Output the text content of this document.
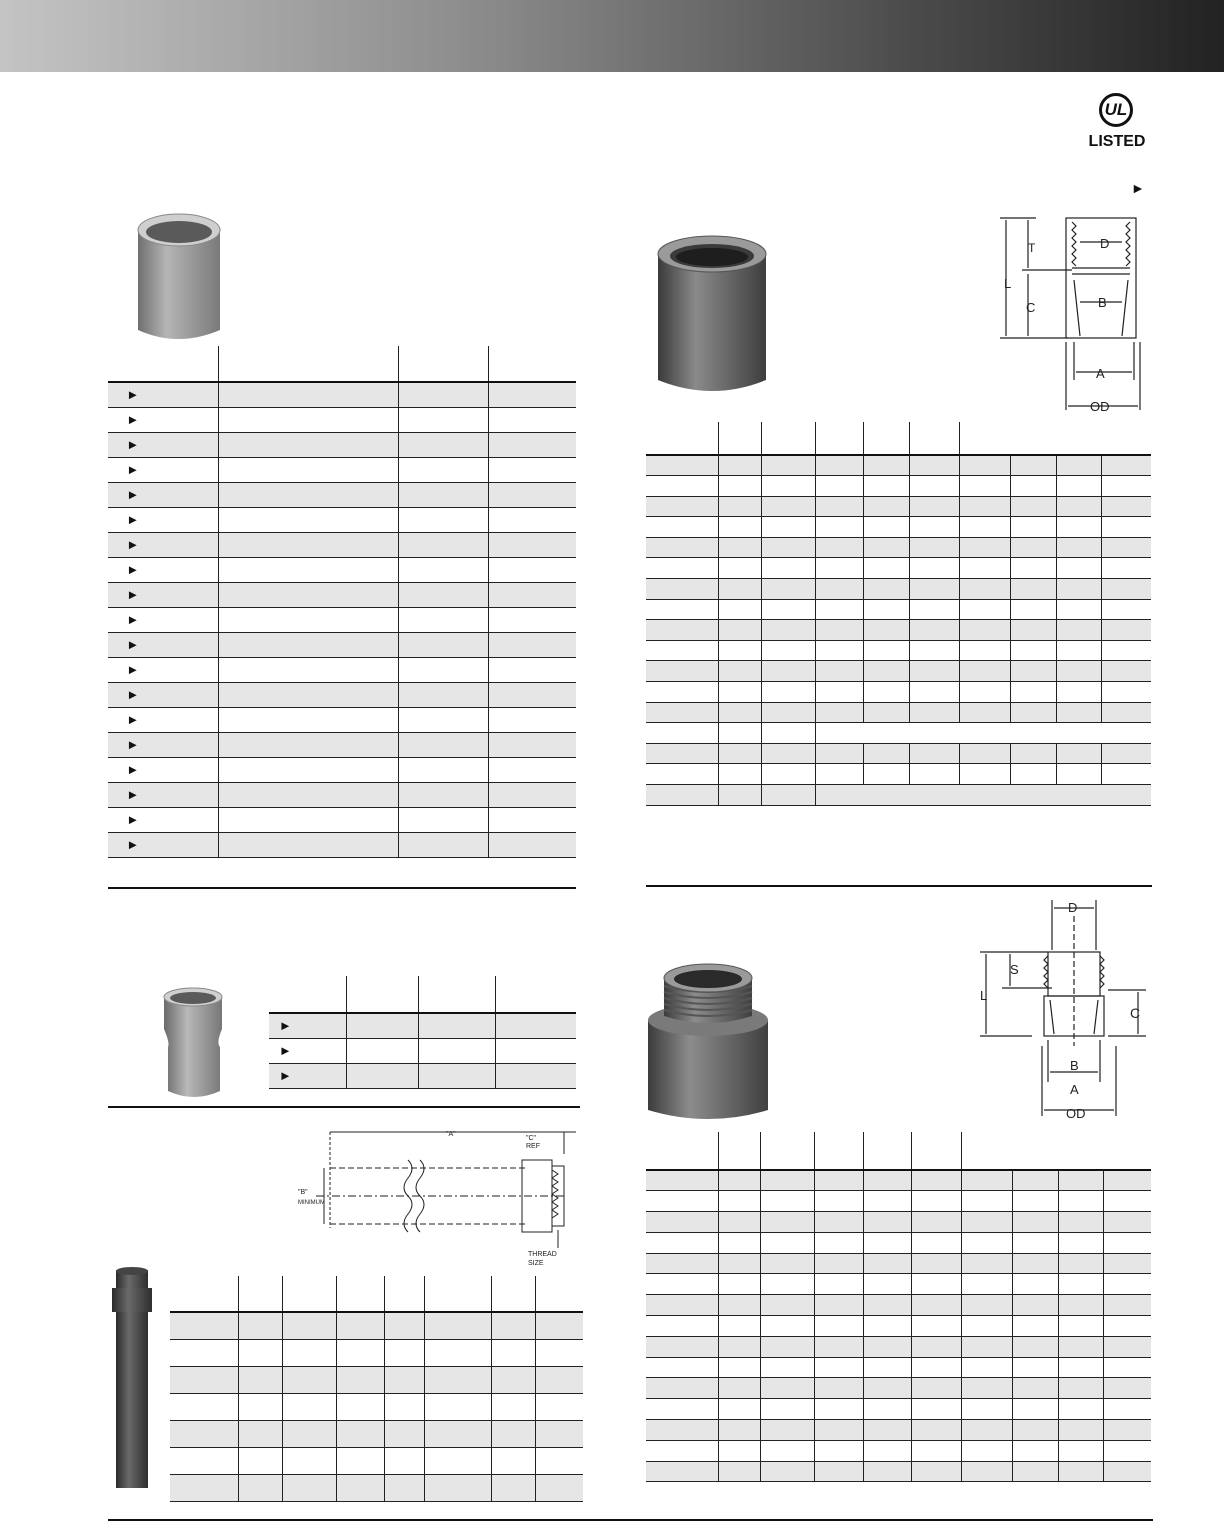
UL
LISTED
►

►			
►			
►			
►			
►			
►			
►			
►			
►			
►			
►			
►			
►			
►			
►			
►			
►			
►			
►			

►			
►			
►			
"A"
"C"
REF
"B"
MINIMUM
THREAD
SIZE

T	D
L
C	B
A
OD

D
S
L
C
B
A
OD
